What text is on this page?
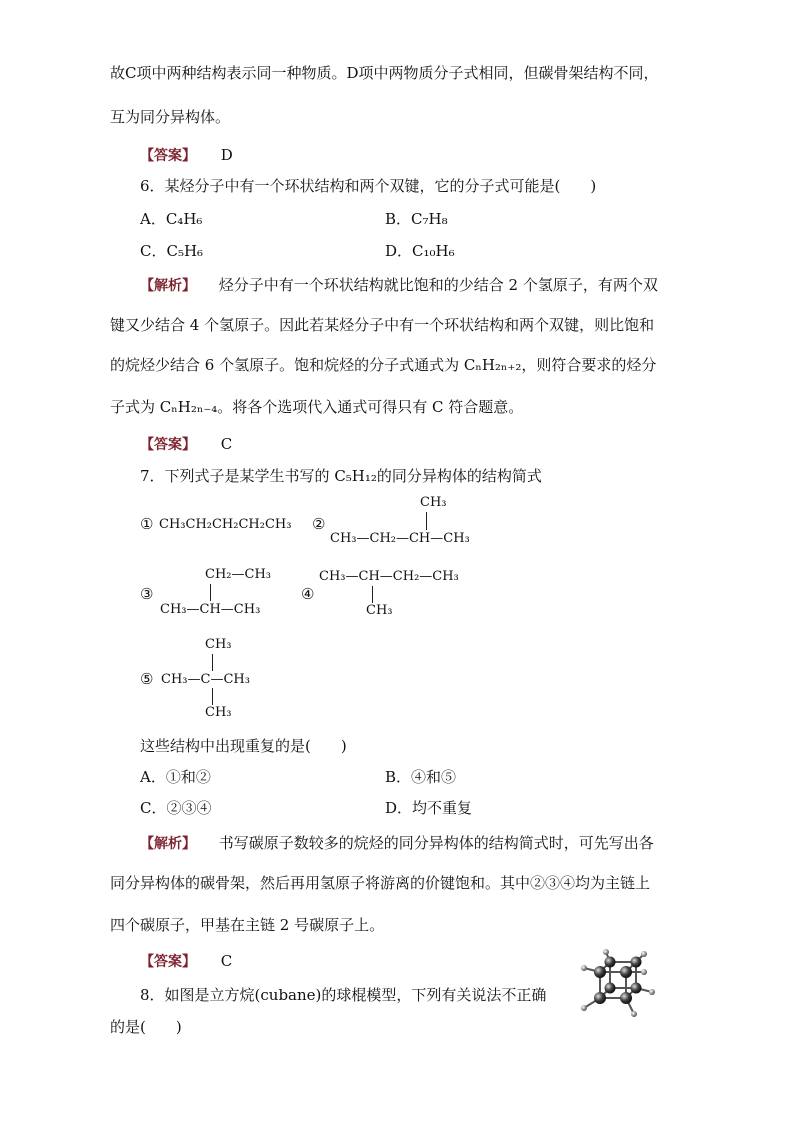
故C项中两种结构表示同一种物质。D项中两物质分子式相同，但碳骨架结构不同，
互为同分异构体。
【答案】 D
6．某烃分子中有一个环状结构和两个双键，它的分子式可能是(　　)
A．C₄H₆	B．C₇H₈
C．C₅H₆	D．C₁₀H₆
【解析】 烃分子中有一个环状结构就比饱和的少结合 2 个氢原子，有两个双
键又少结合 4 个氢原子。因此若某烃分子中有一个环状结构和两个双键，则比饱和
的烷烃少结合 6 个氢原子。饱和烷烃的分子式通式为 CₙH₂ₙ₊₂，则符合要求的烃分
子式为 CₙH₂ₙ₋₄。将各个选项代入通式可得只有 C 符合题意。
【答案】 C
7．下列式子是某学生书写的 C₅H₁₂的同分异构体的结构简式
① CH₃CH₂CH₂CH₂CH₃ ②
CH₃
CH₃—CH₂—CH—CH₃
③
CH₂—CH₃
CH₃—CH—CH₃
④
CH₃—CH—CH₂—CH₃
CH₃
CH₃
⑤ CH₃—C—CH₃
CH₃
这些结构中出现重复的是(　　)
A．①和②	B．④和⑤
C．②③④	D．均不重复
【解析】 书写碳原子数较多的烷烃的同分异构体的结构简式时，可先写出各
同分异构体的碳骨架，然后再用氢原子将游离的价键饱和。其中②③④均为主链上
四个碳原子，甲基在主链 2 号碳原子上。
【答案】 C
8．如图是立方烷(cubane)的球棍模型，下列有关说法不正确
的是(　　)
